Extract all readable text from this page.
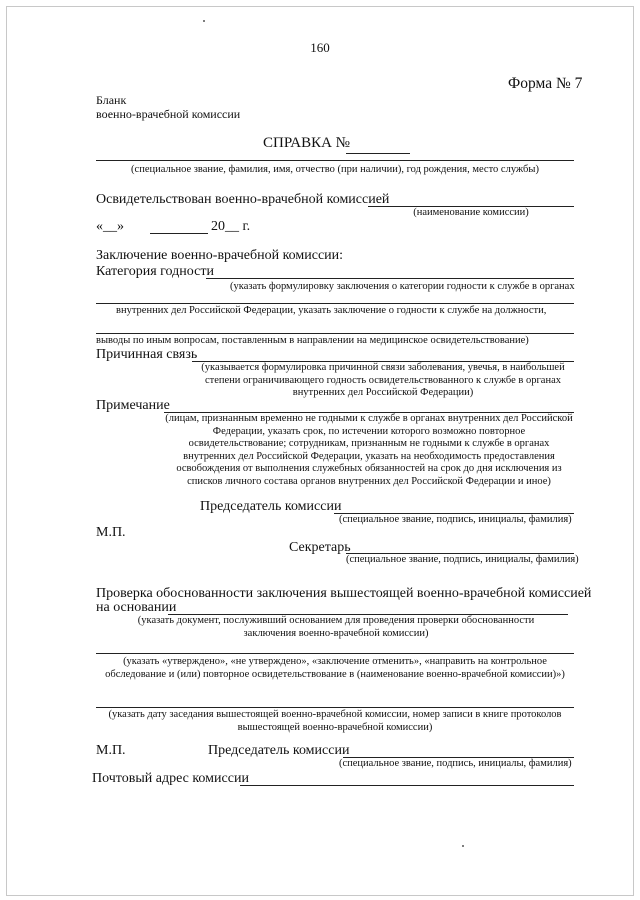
160
Форма № 7
Бланк
военно-врачебной комиссии
СПРАВКА №
(специальное звание, фамилия, имя, отчество (при наличии), год рождения, место службы)
Освидетельствован военно-врачебной комиссией
(наименование комиссии)
«__»	20__ г.
Заключение военно-врачебной комиссии:
Категория годности
(указать формулировку заключения о категории годности к службе в органах
внутренних дел Российской Федерации, указать заключение о годности к службе на должности,
выводы по иным вопросам, поставленным в направлении на медицинское освидетельствование)
Причинная связь
(указывается формулировка причинной связи заболевания, увечья, в наибольшей степени ограничивающего годность освидетельствованного к службе в органах внутренних дел Российской Федерации)
Примечание
(лицам, признанным временно не годными к службе в органах внутренних дел Российской Федерации, указать срок, по истечении которого возможно повторное освидетельствование; сотрудникам, признанным не годными к службе в органах внутренних дел Российской Федерации, указать на необходимость предоставления освобождения от выполнения служебных обязанностей на срок до дня исключения из списков личного состава органов внутренних дел Российской Федерации и иное)
Председатель комиссии
(специальное звание, подпись, инициалы, фамилия)
М.П.
Секретарь
(специальное звание, подпись, инициалы, фамилия)
Проверка обоснованности заключения вышестоящей военно-врачебной комиссией
на основании
(указать документ, послуживший основанием для проведения проверки обоснованности заключения военно-врачебной комиссии)
(указать «утверждено», «не утверждено», «заключение отменить», «направить на контрольное обследование и (или) повторное освидетельствование в (наименование военно-врачебной комиссии)»)
(указать дату заседания вышестоящей военно-врачебной комиссии, номер записи в книге протоколов вышестоящей военно-врачебной комиссии)
М.П.	Председатель комиссии
(специальное звание, подпись, инициалы, фамилия)
Почтовый адрес комиссии
